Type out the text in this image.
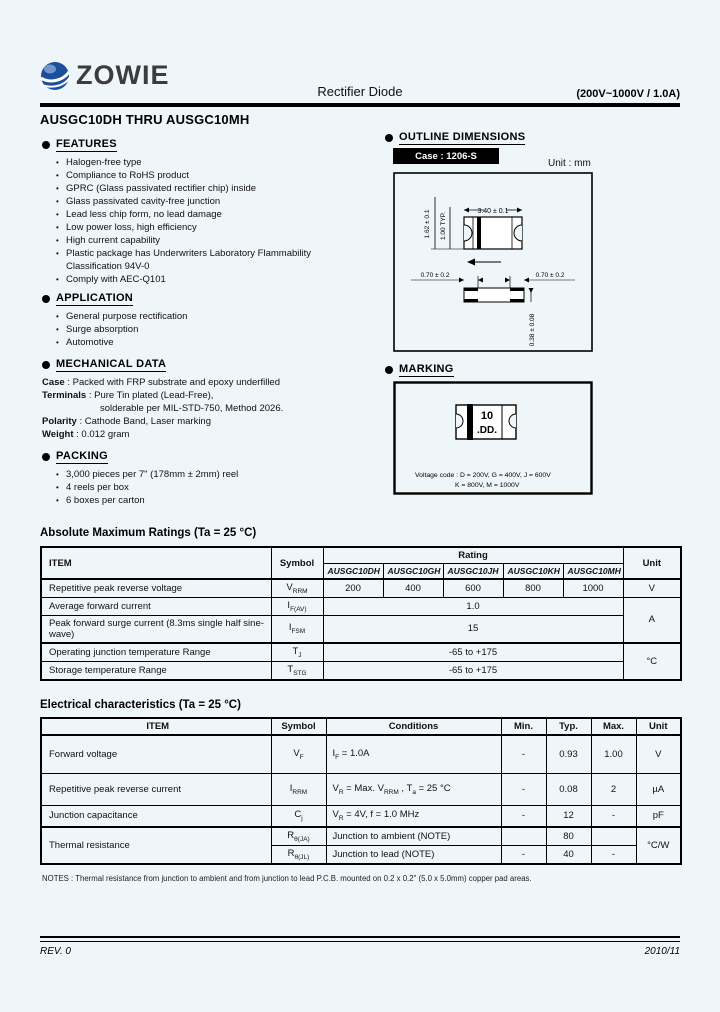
ZOWIE
Rectifier Diode	(200V~1000V / 1.0A)
AUSGC10DH THRU AUSGC10MH
FEATURES
• Halogen-free type
• Compliance to RoHS product
• GPRC (Glass passivated rectifier chip) inside
• Glass passivated cavity-free junction
• Lead less chip form, no lead damage
• Low power loss, high efficiency
• High current capability
• Plastic package has Underwriters Laboratory Flammability
Classification 94V-0
• Comply with AEC-Q101
APPLICATION
• General purpose rectification
• Surge absorption
• Automotive
MECHANICAL DATA
Case : Packed with FRP substrate and epoxy underfilled
Terminals : Pure Tin plated (Lead-Free),
solderable per MIL-STD-750, Method 2026.
Polarity : Cathode Band, Laser marking
Weight : 0.012 gram
PACKING
• 3,000 pieces per 7" (178mm ± 2mm) reel
• 4 reels per box
• 6 boxes per carton
OUTLINE DIMENSIONS
Case : 1206-S
Unit : mm
3.40 ± 0.1
1.62 ± 0.1 1.00 TYP.
0.70 ± 0.2	0.70 ± 0.2
0.38 ± 0.08
MARKING
10
.DD.
Voltage code : D = 200V, G = 400V, J = 600V
K = 800V, M = 1000V
Absolute Maximum Ratings (Ta = 25 °C)
ITEM	Symbol	Rating					Unit
		AUSGC10DH	AUSGC10GH	AUSGC10JH	AUSGC10KH	AUSGC10MH	
Repetitive peak reverse voltage	$V_{RRM}$	200	400	600	800	1000	V
Average forward current	$I_{F(AV)}$	1.0					A
Peak forward surge current (8.3ms single half sine-wave)	$I_{FSM}$	15					
Operating junction temperature Range	$T_J$	-65 to +175					°C
Storage temperature Range	$T_{STG}$	-65 to +175					
Electrical characteristics (Ta = 25 °C)
ITEM	Symbol	Conditions	Min.	Typ.	Max.	Unit
Forward voltage	$V_F$	$I_F = 1.0A$	-	0.93	1.00	V
Repetitive peak reverse current	$I_{RRM}$	$V_R$ = Max. $V_{RRM}$ , $T_a = 25$ °C	-	0.08	2	µA
Junction capacitance	$C_j$	$V_R = 4V$, f = 1.0 MHz	-	12	-	pF
Thermal resistance	$R_{\theta(JA)}$	Junction to ambient (NOTE)		80		°C/W
	$R_{\theta(JL)}$	Junction to lead (NOTE)	-	40	-	
NOTES : Thermal resistance from junction to ambient and from junction to lead P.C.B. mounted on 0.2 x 0.2" (5.0 x 5.0mm) copper pad areas.
REV. 0	2010/11
